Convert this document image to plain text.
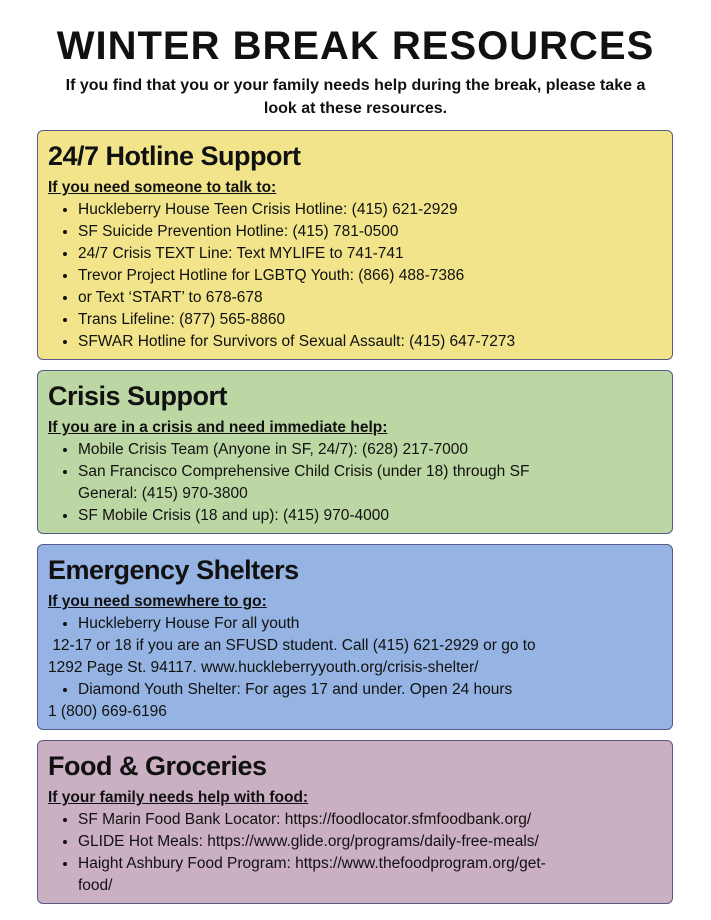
WINTER BREAK RESOURCES
If you find that you or your family needs help during the break, please take a look at these resources.
24/7 Hotline Support
If you need someone to talk to:
• Huckleberry House Teen Crisis Hotline: (415) 621-2929
• SF Suicide Prevention Hotline: (415) 781-0500
• 24/7 Crisis TEXT Line: Text MYLIFE to 741-741
• Trevor Project Hotline for LGBTQ Youth: (866) 488-7386
• or Text ‘START’ to 678-678
• Trans Lifeline: (877) 565-8860
• SFWAR Hotline for Survivors of Sexual Assault: (415) 647-7273
Crisis Support
If you are in a crisis and need immediate help:
• Mobile Crisis Team (Anyone in SF, 24/7): (628) 217-7000
• San Francisco Comprehensive Child Crisis (under 18) through SF General: (415) 970-3800
• SF Mobile Crisis (18 and up): (415) 970-4000
Emergency Shelters
If you need somewhere to go:
• Huckleberry House For all youth
12-17 or 18 if you are an SFUSD student. Call (415) 621-2929 or go to
1292 Page St. 94117. www.huckleberryyouth.org/crisis-shelter/
• Diamond Youth Shelter: For ages 17 and under. Open 24 hours
1 (800) 669-6196
Food & Groceries
If your family needs help with food:
• SF Marin Food Bank Locator: https://foodlocator.sfmfoodbank.org/
• GLIDE Hot Meals: https://www.glide.org/programs/daily-free-meals/
• Haight Ashbury Food Program: https://www.thefoodprogram.org/get-food/
